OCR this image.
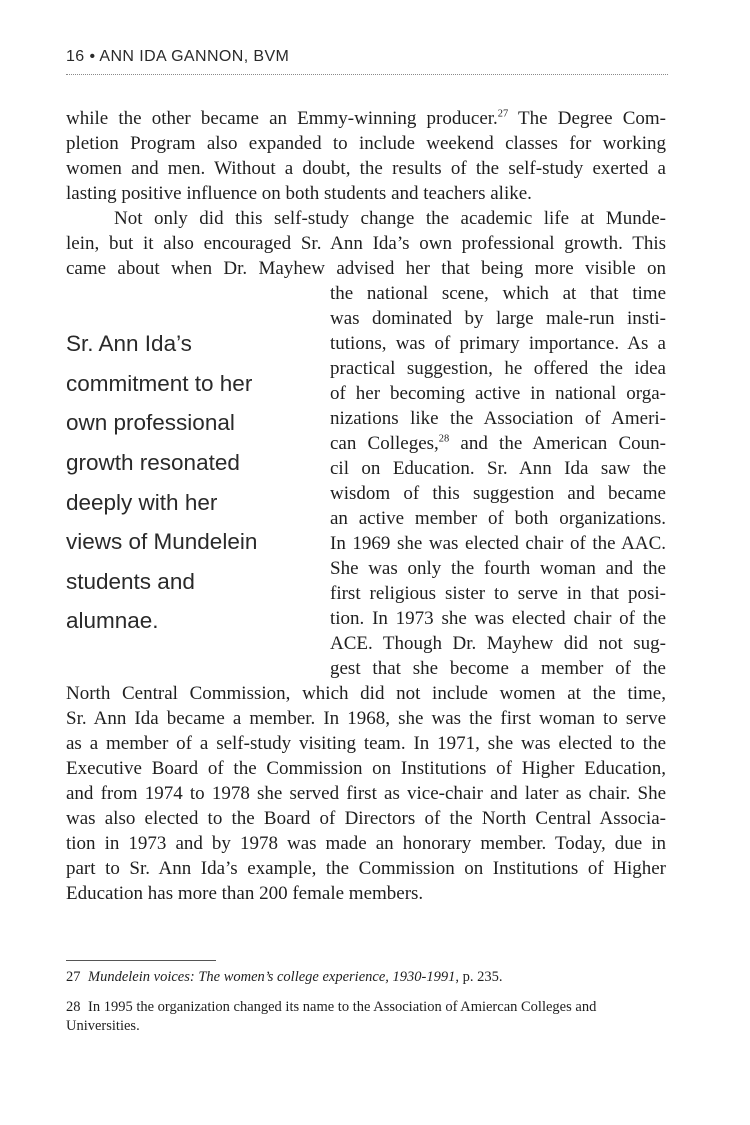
16 • ANN IDA GANNON, BVM
while the other became an Emmy-winning producer.$^{27}$ The Degree Com-
pletion Program also expanded to include weekend classes for working
women and men. Without a doubt, the results of the self-study exerted a
lasting positive influence on both students and teachers alike.
Not only did this self-study change the academic life at Munde-
lein, but it also encouraged Sr. Ann Ida’s own professional growth. This
came about when Dr. Mayhew advised her that being more visible on
the national scene, which at that time
was dominated by large male-run insti-
tutions, was of primary importance. As a
practical suggestion, he offered the idea
of her becoming active in national orga-
nizations like the Association of Ameri-
can Colleges,$^{28}$ and the American Coun-
cil on Education. Sr. Ann Ida saw the
wisdom of this suggestion and became
an active member of both organizations.
In 1969 she was elected chair of the AAC.
She was only the fourth woman and the
first religious sister to serve in that posi-
tion. In 1973 she was elected chair of the
ACE. Though Dr. Mayhew did not sug-
gest that she become a member of the
North Central Commission, which did not include women at the time,
Sr. Ann Ida became a member. In 1968, she was the first woman to serve
as a member of a self-study visiting team. In 1971, she was elected to the
Executive Board of the Commission on Institutions of Higher Education,
and from 1974 to 1978 she served first as vice-chair and later as chair. She
was also elected to the Board of Directors of the North Central Associa-
tion in 1973 and by 1978 was made an honorary member. Today, due in
part to Sr. Ann Ida’s example, the Commission on Institutions of Higher
Education has more than 200 female members.
Sr. Ann Ida’s
commitment to her
own professional
growth resonated
deeply with her
views of Mundelein
students and
alumnae.
27 Mundelein voices: The women’s college experience, 1930-1991, p. 235.
28 In 1995 the organization changed its name to the Association of Amiercan Colleges and
Universities.
